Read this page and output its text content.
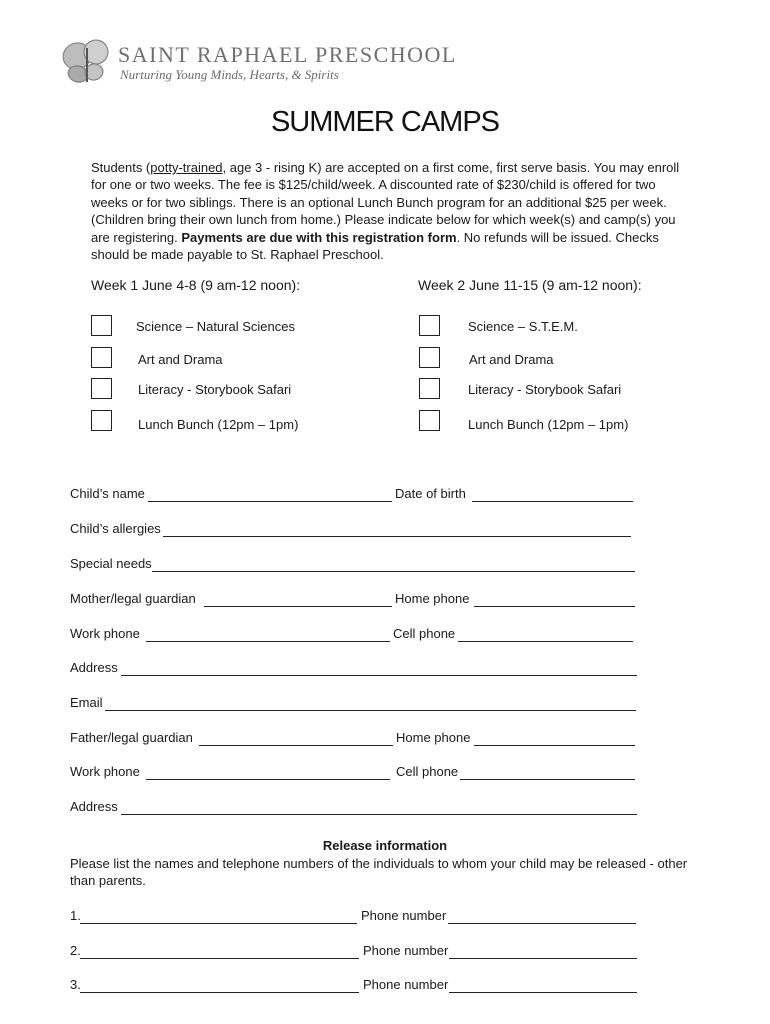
SAINT RAPHAEL PRESCHOOL
Nurturing Young Minds, Hearts, & Spirits
SUMMER CAMPS
Students (potty-trained, age 3 - rising K) are accepted on a first come, first serve basis. You may enroll for one or two weeks. The fee is $125/child/week. A discounted rate of $230/child is offered for two weeks or for two siblings. There is an optional Lunch Bunch program for an additional $25 per week. (Children bring their own lunch from home.) Please indicate below for which week(s) and camp(s) you are registering. Payments are due with this registration form. No refunds will be issued. Checks should be made payable to St. Raphael Preschool.
Week 1 June 4-8 (9 am-12 noon):
Science – Natural Sciences
Art and Drama
Literacy - Storybook Safari
Lunch Bunch (12pm – 1pm)
Week 2 June 11-15 (9 am-12 noon):
Science – S.T.E.M.
Art and Drama
Literacy - Storybook Safari
Lunch Bunch (12pm – 1pm)
Child’s name	Date of birth
Child’s allergies
Special needs
Mother/legal guardian	Home phone
Work phone	Cell phone
Address
Email
Father/legal guardian	Home phone
Work phone	Cell phone
Address
Release information
Please list the names and telephone numbers of the individuals to whom your child may be released - other than parents.
1.	Phone number
2.	Phone number
3.	Phone number
